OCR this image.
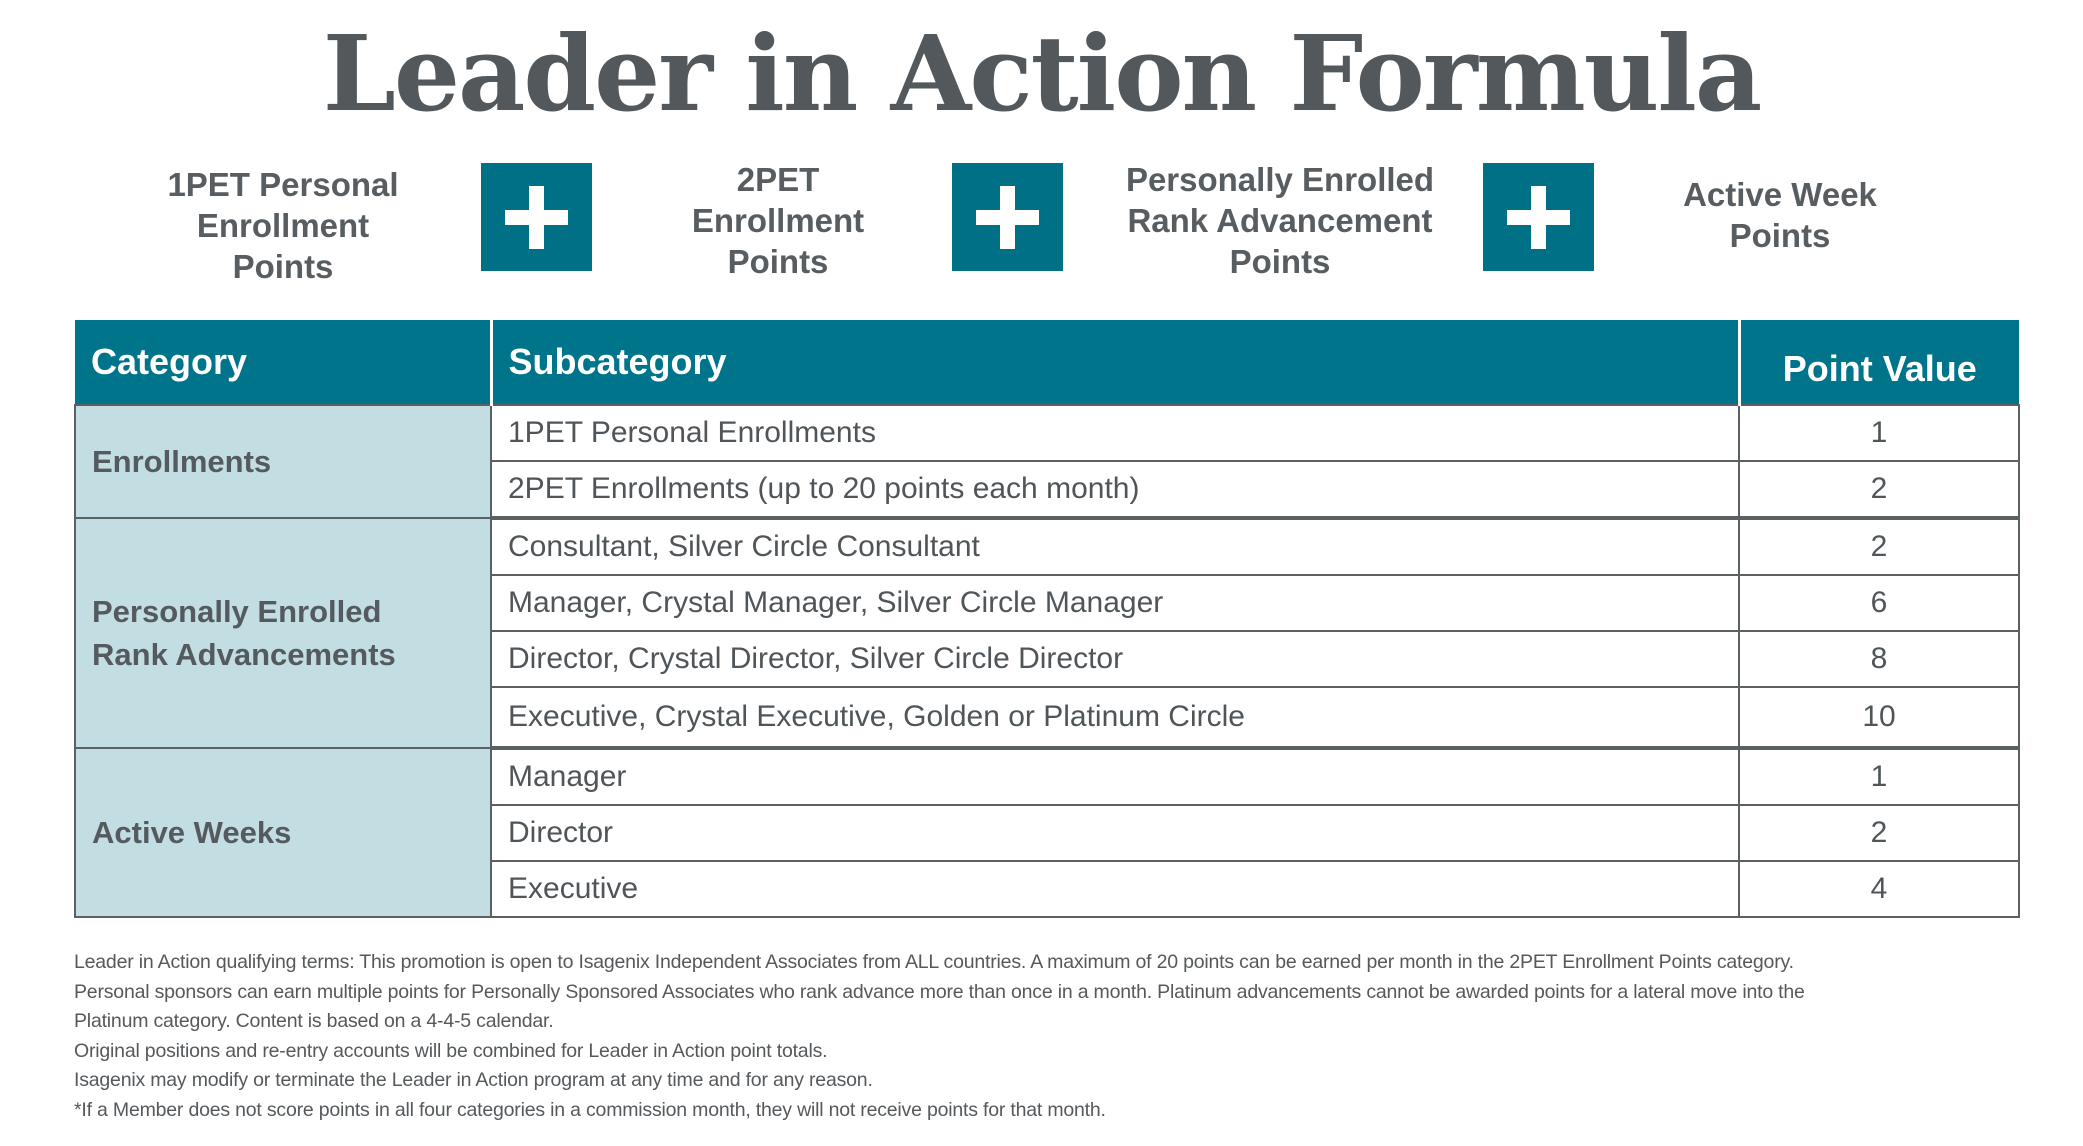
Leader in Action Formula
1PET Personal
Enrollment
Points
2PET
Enrollment
Points
Personally Enrolled
Rank Advancement
Points
Active Week
Points
Category	Subcategory	Point Value
Enrollments	1PET Personal Enrollments	1
	2PET Enrollments (up to 20 points each month)	2
Personally Enrolled
Rank Advancements	Consultant, Silver Circle Consultant	2
	Manager, Crystal Manager, Silver Circle Manager	6
	Director, Crystal Director, Silver Circle Director	8
	Executive, Crystal Executive, Golden or Platinum Circle	10
Active Weeks	Manager	1
	Director	2
	Executive	4

Leader in Action qualifying terms: This promotion is open to Isagenix Independent Associates from ALL countries. A maximum of 20 points can be earned per month in the 2PET Enrollment Points category.

Personal sponsors can earn multiple points for Personally Sponsored Associates who rank advance more than once in a month. Platinum advancements cannot be awarded points for a lateral move into the

Platinum category. Content is based on a 4-4-5 calendar.

Original positions and re-entry accounts will be combined for Leader in Action point totals.

Isagenix may modify or terminate the Leader in Action program at any time and for any reason.

*If a Member does not score points in all four categories in a commission month, they will not receive points for that month.
